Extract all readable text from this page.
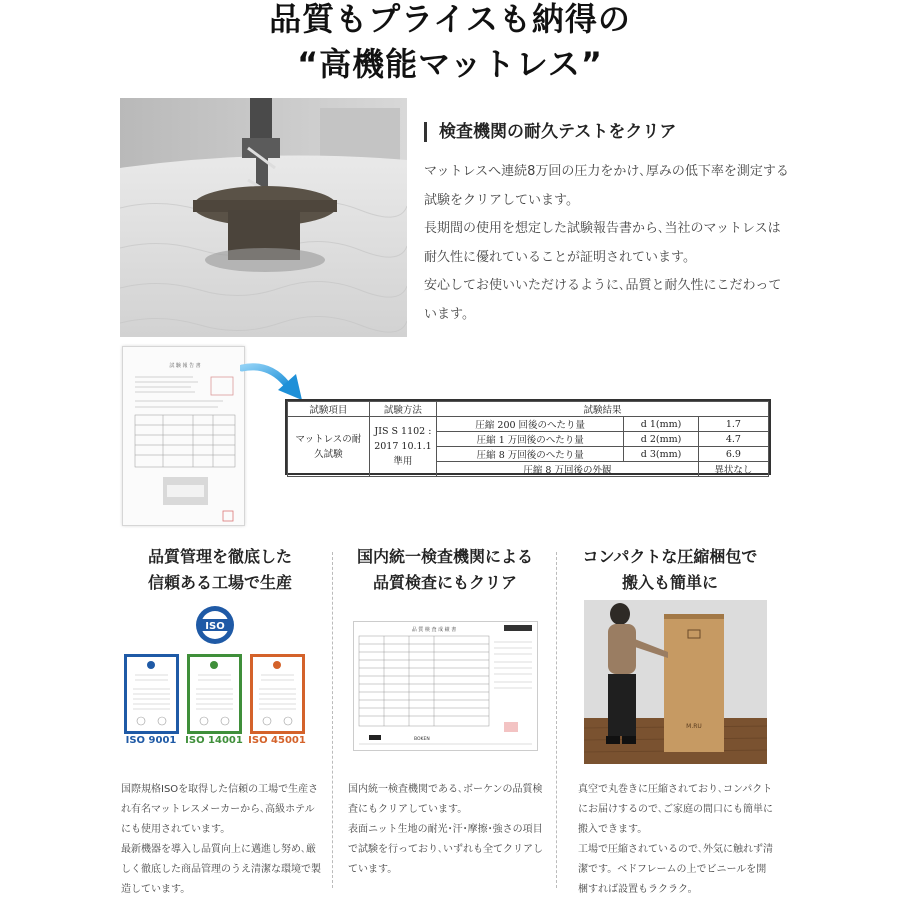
品質もプライスも納得の
“高機能マットレス”
検査機関の耐久テストをクリア

マットレスへ連続8万回の圧力をかけ､厚みの低下率を測定する試験をクリアしています。

長期間の使用を想定した試験報告書から､当社のマットレスは耐久性に優れていることが証明されています。

安心してお使いいただけるように､品質と耐久性にこだわっています。

試 験 報 告 書
試験項目	試験方法	試験結果		
マットレスの耐久試験	JIS S 1102 : 2017 10.1.1準用	圧縮 200 回後のへたり量	d 1(mm)	1.7
		圧縮 1 万回後のへたり量	d 2(mm)	4.7
		圧縮 8 万回後のへたり量	d 3(mm)	6.9
		圧縮 8 万回後の外観		異状なし
品質管理を徹底した
信頼ある工場で生産
国内統一検査機関による
品質検査にもクリア
コンパクトな圧縮梱包で
搬入も簡単に
ISO
ISO 9001 ISO 14001 ISO 45001
品 質 検 査 成 績 書
BOKEN
M.RU

国際規格ISOを取得した信頼の工場で生産され有名マットレスメーカーから､高級ホテルにも使用されています。

最新機器を導入し品質向上に邁進し努め､厳しく徹底した商品管理のうえ清潔な環境で製造しています。

国内統一検査機関である､ボーケンの品質検査にもクリアしています。

表面ニット生地の耐光･汗･摩擦･強さの項目で試験を行っており､いずれも全てクリアしています。

真空で丸巻きに圧縮されており､コンパクトにお届けするので､ご家庭の間口にも簡単に搬入できます。

工場で圧縮されているので､外気に触れず清潔です。ベドフレームの上でビニールを開梱すれば設置もラクラク。
